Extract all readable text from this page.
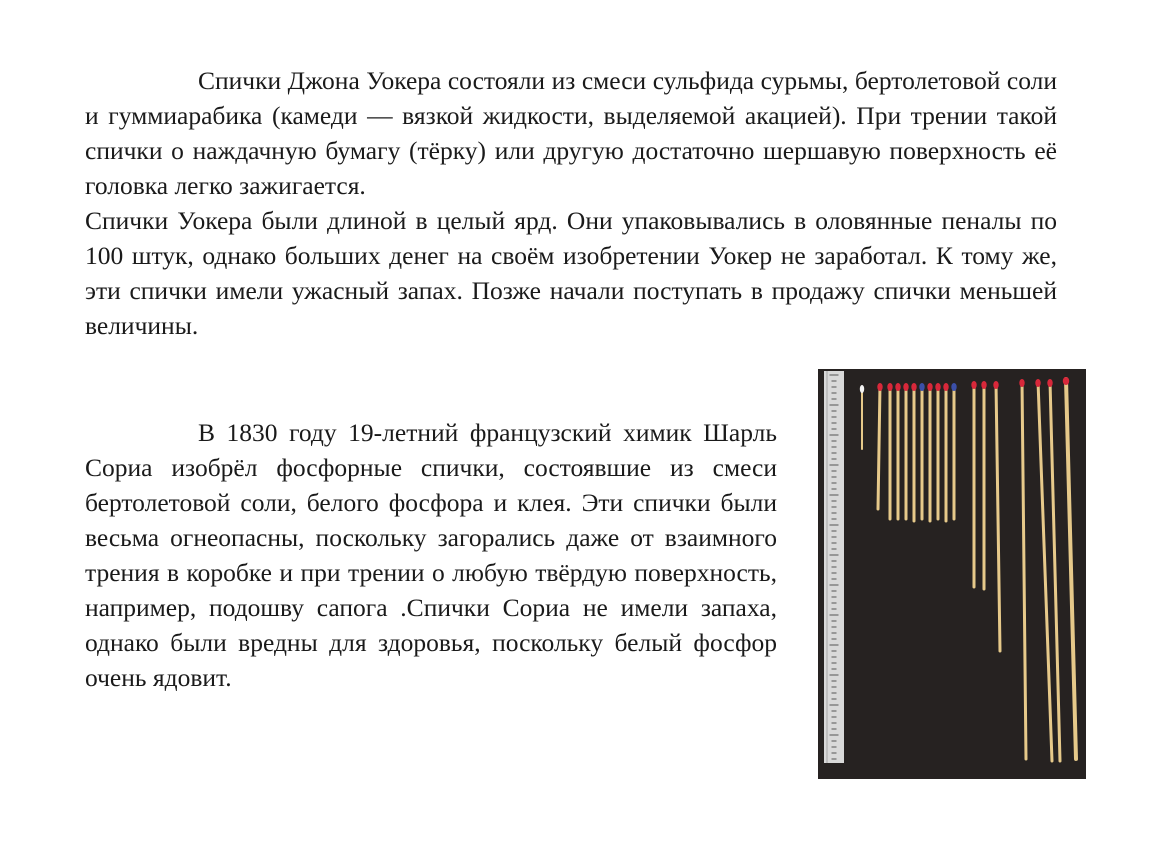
Спички Джона Уокера состояли из смеси сульфида сурьмы, бертолетовой соли и гуммиарабика (камеди — вязкой жидкости, выделяемой акацией). При трении такой спички о наждачную бумагу (тёрку) или другую достаточно шершавую поверхность её головка легко зажигается.

Спички Уокера были длиной в целый ярд. Они упаковывались в оловянные пеналы по 100 штук, однако больших денег на своём изобретении Уокер не заработал. К тому же, эти спички имели ужасный запах. Позже начали поступать в продажу спички меньшей величины.

В 1830 году 19-летний французский химик Шарль Сориа изобрёл фосфорные спички, состоявшие из смеси бертолетовой соли, белого фосфора и клея. Эти спички были весьма огнеопасны, поскольку загорались даже от взаимного трения в коробке и при трении о любую твёрдую поверхность, например, подошву сапога .Спички Сориа не имели запаха, однако были вредны для здоровья, поскольку белый фосфор очень ядовит.
